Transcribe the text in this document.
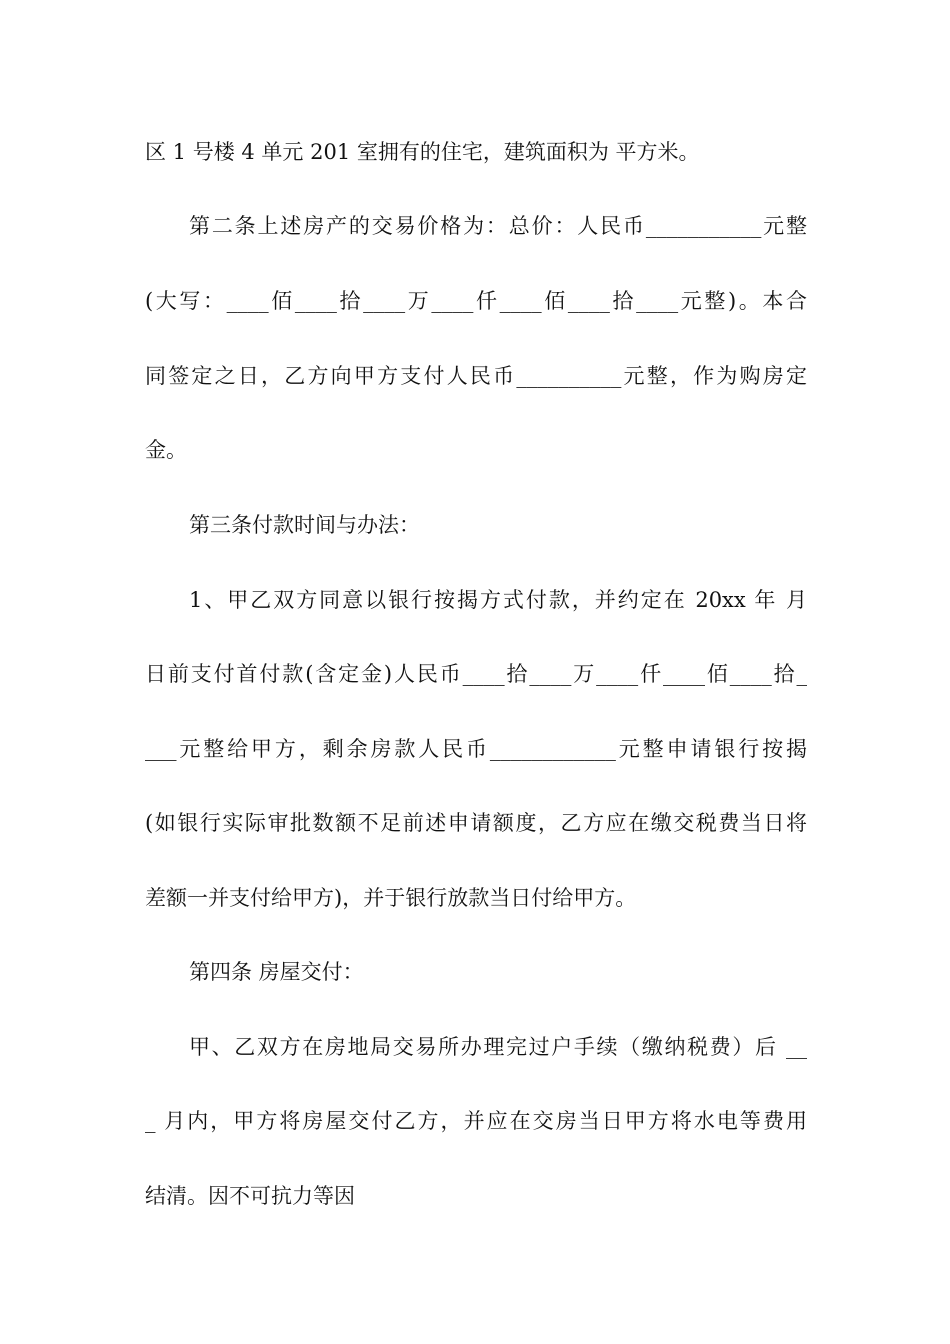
区 1 号楼 4 单元 201 室拥有的住宅，建筑面积为 平方米。
第二条上述房产的交易价格为：总价：人民币___________元整
(大写：____佰____拾____万____仟____佰____拾____元整)。本合
同签定之日，乙方向甲方支付人民币__________元整，作为购房定
金。
第三条付款时间与办法：
1、甲乙双方同意以银行按揭方式付款，并约定在 20xx 年 月
日前支付首付款(含定金)人民币____拾____万____仟____佰____拾_
___元整给甲方，剩余房款人民币____________元整申请银行按揭
(如银行实际审批数额不足前述申请额度，乙方应在缴交税费当日将
差额一并支付给甲方)，并于银行放款当日付给甲方。
第四条 房屋交付：
甲、乙双方在房地局交易所办理完过户手续（缴纳税费）后 __
_ 月内，甲方将房屋交付乙方，并应在交房当日甲方将水电等费用
结清。因不可抗力等因
